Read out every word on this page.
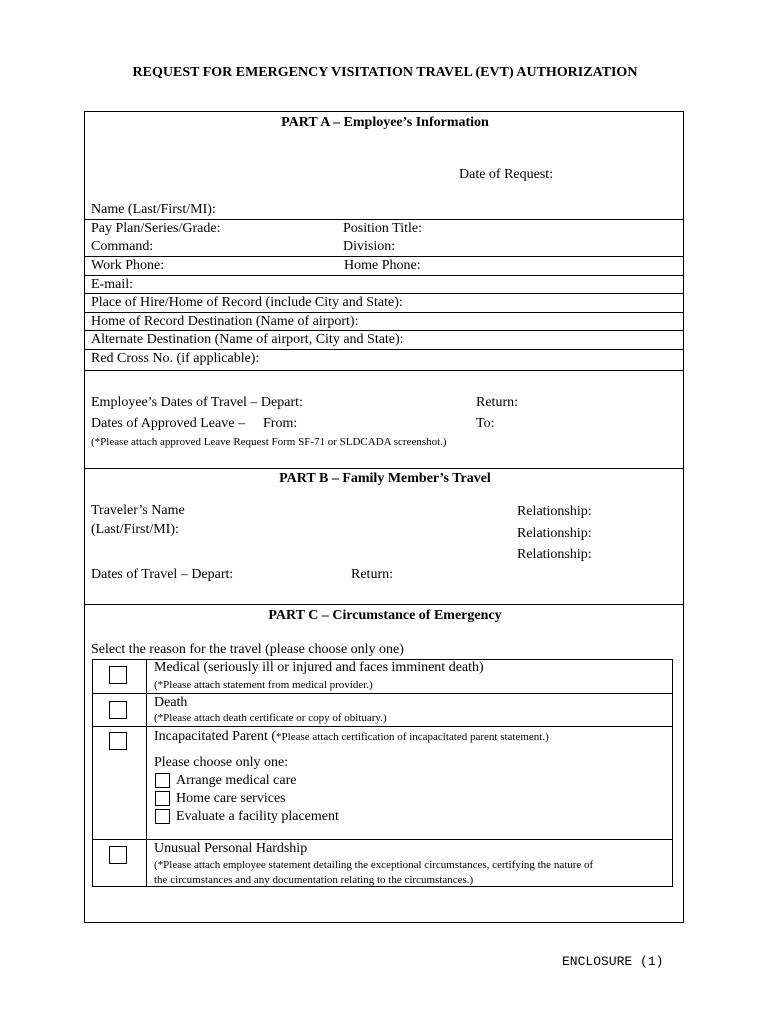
REQUEST FOR EMERGENCY VISITATION TRAVEL (EVT) AUTHORIZATION
PART A – Employee’s Information
Date of Request:
Name (Last/First/MI):
Pay Plan/Series/Grade:	Position Title:
Command:	Division:
Work Phone:	Home Phone:
E-mail:
Place of Hire/Home of Record (include City and State):
Home of Record Destination (Name of airport):
Alternate Destination (Name of airport, City and State):
Red Cross No. (if applicable):
Employee’s Dates of Travel – Depart:	Return:
Dates of Approved Leave – From:	To:
(*Please attach approved Leave Request Form SF-71 or SLDCADA screenshot.)
PART B – Family Member’s Travel
Traveler’s Name
(Last/First/MI):
Relationship:
Relationship:
Relationship:
Dates of Travel – Depart:	Return:
PART C – Circumstance of Emergency
Select the reason for the travel (please choose only one)
Medical (seriously ill or injured and faces imminent death)
(*Please attach statement from medical provider.)
Death
(*Please attach death certificate or copy of obituary.)
Incapacitated Parent (*Please attach certification of incapacitated parent statement.)
Please choose only one:
Arrange medical care
Home care services
Evaluate a facility placement
Unusual Personal Hardship
(*Please attach employee statement detailing the exceptional circumstances, certifying the nature of
the circumstances and any documentation relating to the circumstances.)
ENCLOSURE (1)
